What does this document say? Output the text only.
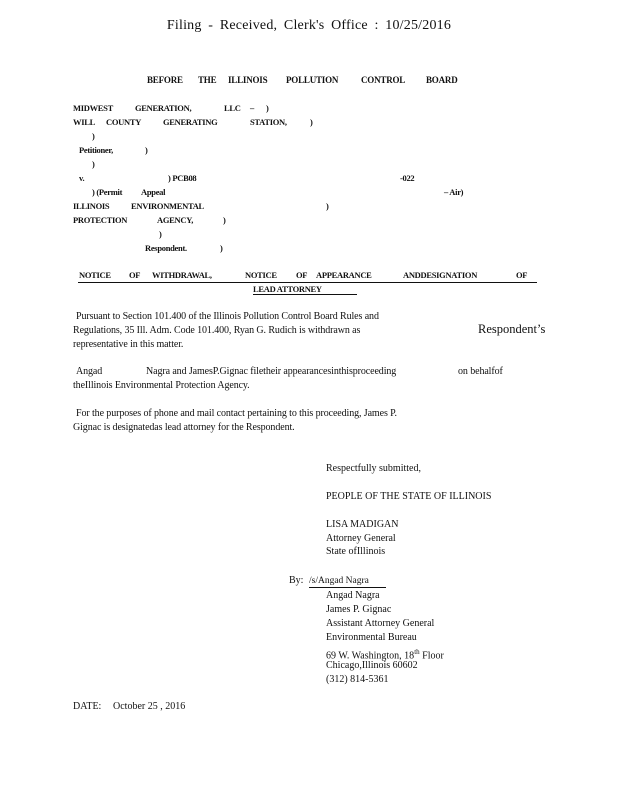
Filing - Received, Clerk's Office : 10/25/2016
BEFORE THE ILLINOIS POLLUTION	CONTROL BOARD
MIDWEST	GENERATION,	LLC – )
WILL COUNTY	GENERATING	STATION,	)
)
Petitioner,	)
)
v.	) PCB08	-022
) (Permit Appeal	– Air)
ILLINOIS	ENVIRONMENTAL	)
PROTECTION	AGENCY,	)
)
Respondent.	)
NOTICE OF WITHDRAWAL,	NOTICE OF APPEARANCE	ANDDESIGNATION	OF
LEAD ATTORNEY
Pursuant to Section 101.400 of the Illinois Pollution Control Board Rules and
Regulations, 35 Ill. Adm. Code 101.400, Ryan G. Rudich is withdrawn as	Respondent’s
representative in this matter.
Angad	Nagra and JamesP.Gignac filetheir appearancesinthisproceeding	on behalfof
theIllinois Environmental Protection Agency.
For the purposes of phone and mail contact pertaining to this proceeding, James P.
Gignac is designatedas lead attorney for the Respondent.
Respectfully submitted,
PEOPLE OF THE STATE OF ILLINOIS
LISA MADIGAN
Attorney General
State ofIllinois
By: /s/Angad Nagra
Angad Nagra
James P. Gignac
Assistant Attorney General
Environmental Bureau
69 W. Washington, 18th Floor
Chicago,Illinois 60602
(312) 814-5361
DATE: October 25 , 2016
